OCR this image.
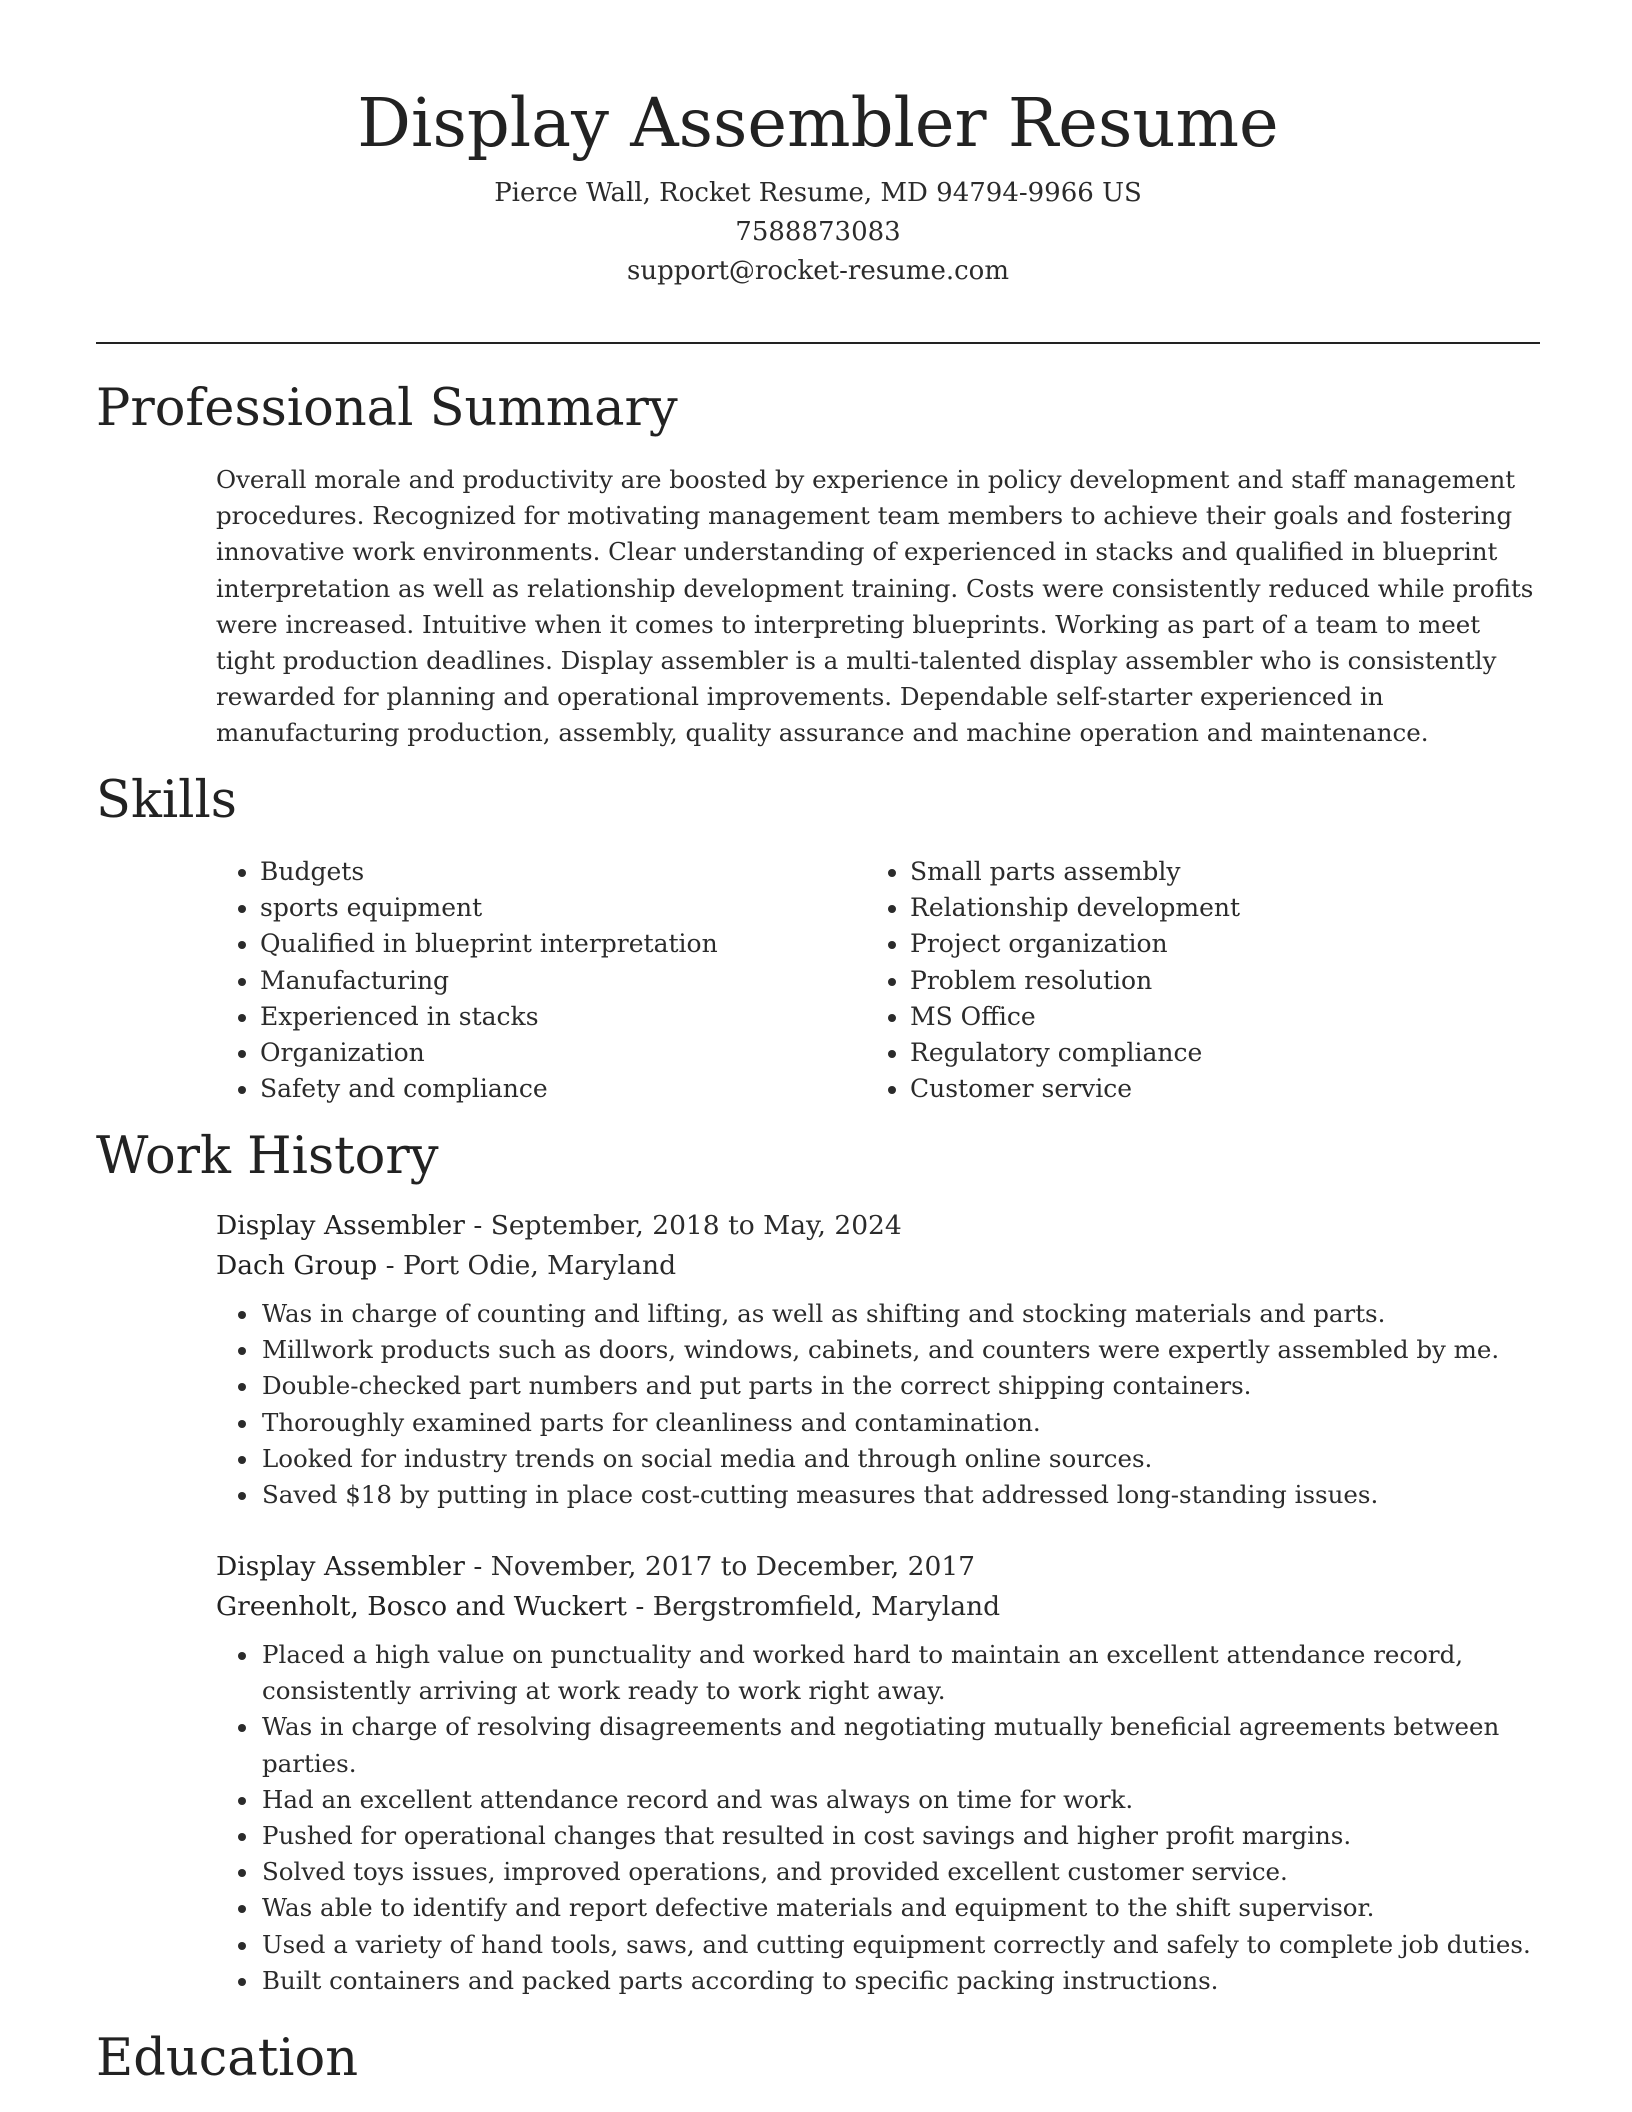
Display Assembler Resume
Pierce Wall, Rocket Resume, MD 94794-9966 US
7588873083
support@rocket-resume.com
Professional Summary

Overall morale and productivity are boosted by experience in policy development and staff management procedures. Recognized for motivating management team members to achieve their goals and fostering innovative work environments. Clear understanding of experienced in stacks and qualified in blueprint interpretation as well as relationship development training. Costs were consistently reduced while profits were increased. Intuitive when it comes to interpreting blueprints. Working as part of a team to meet tight production deadlines. Display assembler is a multi-talented display assembler who is consistently rewarded for planning and operational improvements. Dependable self-starter experienced in manufacturing production, assembly, quality assurance and machine operation and maintenance.

Skills
• Budgets
• sports equipment
• Qualified in blueprint interpretation
• Manufacturing
• Experienced in stacks
• Organization
• Safety and compliance
• Small parts assembly
• Relationship development
• Project organization
• Problem resolution
• MS Office
• Regulatory compliance
• Customer service
Work History
Display Assembler - September, 2018 to May, 2024
Dach Group - Port Odie, Maryland
• Was in charge of counting and lifting, as well as shifting and stocking materials and parts.
• Millwork products such as doors, windows, cabinets, and counters were expertly assembled by me.
• Double-checked part numbers and put parts in the correct shipping containers.
• Thoroughly examined parts for cleanliness and contamination.
• Looked for industry trends on social media and through online sources.
• Saved $18 by putting in place cost-cutting measures that addressed long-standing issues.
Display Assembler - November, 2017 to December, 2017
Greenholt, Bosco and Wuckert - Bergstromfield, Maryland
• Placed a high value on punctuality and worked hard to maintain an excellent attendance record, consistently arriving at work ready to work right away.
• Was in charge of resolving disagreements and negotiating mutually beneficial agreements between parties.
• Had an excellent attendance record and was always on time for work.
• Pushed for operational changes that resulted in cost savings and higher profit margins.
• Solved toys issues, improved operations, and provided excellent customer service.
• Was able to identify and report defective materials and equipment to the shift supervisor.
• Used a variety of hand tools, saws, and cutting equipment correctly and safely to complete job duties.
• Built containers and packed parts according to specific packing instructions.
Education
